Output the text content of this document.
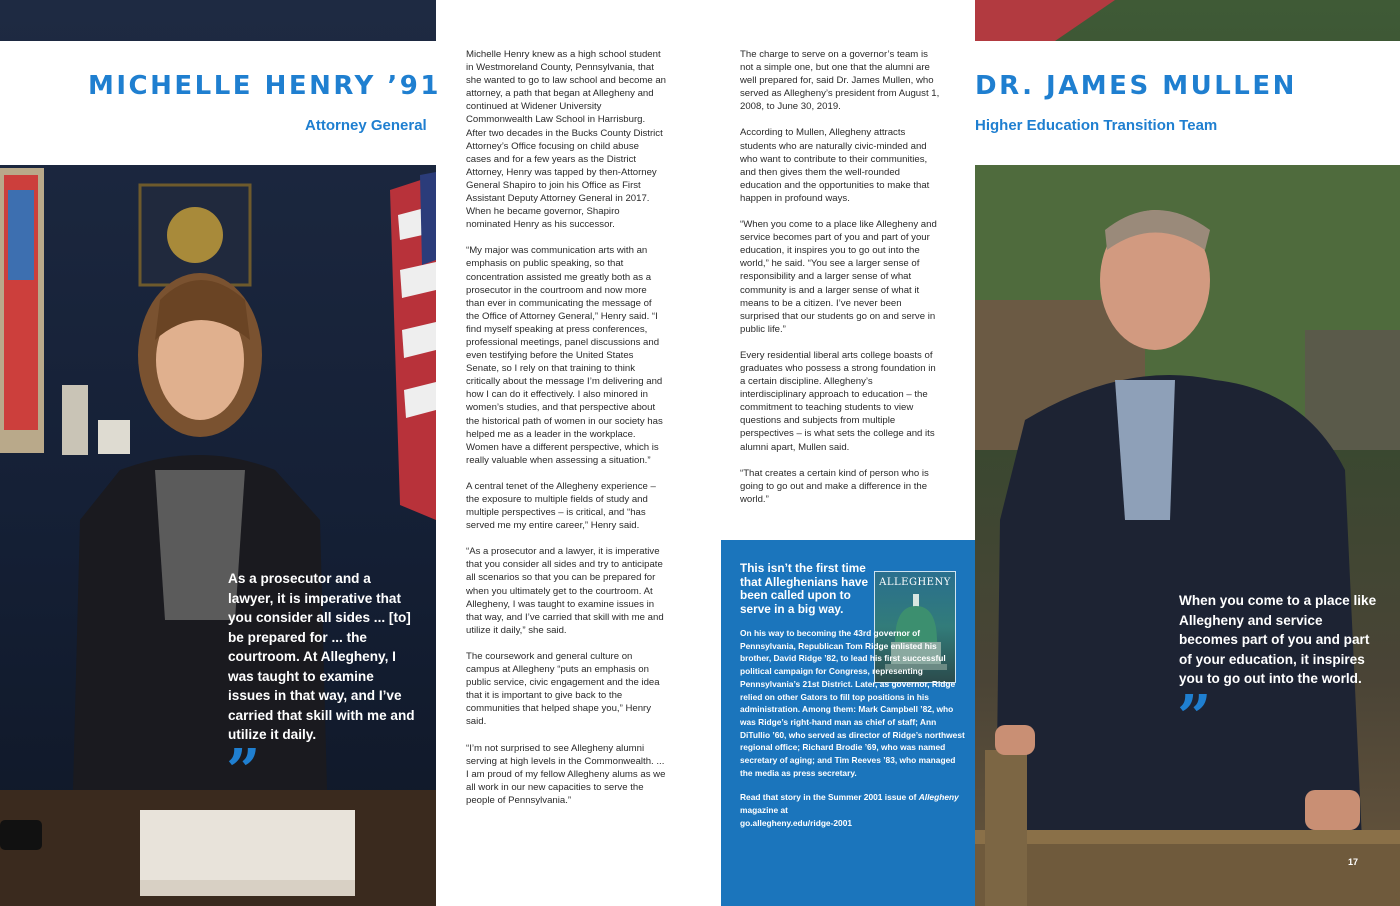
MICHELLE HENRY ’91
Attorney General
As a prosecutor and a lawyer, it is imperative that you consider all sides ... [to] be prepared for ... the courtroom. At Allegheny, I was taught to examine issues in that way, and I’ve carried that skill with me and utilize it daily.
”

Michelle Henry knew as a high school student in Westmoreland County, Pennsylvania, that she wanted to go to law school and become an attorney, a path that began at Allegheny and continued at Widener University Commonwealth Law School in Harrisburg. After two decades in the Bucks County District Attorney’s Office focusing on child abuse cases and for a few years as the District Attorney, Henry was tapped by then-Attorney General Shapiro to join his Office as First Assistant Deputy Attorney General in 2017. When he became governor, Shapiro nominated Henry as his successor.

“My major was communication arts with an emphasis on public speaking, so that concentration assisted me greatly both as a prosecutor in the courtroom and now more than ever in communicating the message of the Office of Attorney General,” Henry said. “I find myself speaking at press conferences, professional meetings, panel discussions and even testifying before the United States Senate, so I rely on that training to think critically about the message I’m delivering and how I can do it effectively. I also minored in women’s studies, and that perspective about the historical path of women in our society has helped me as a leader in the workplace. Women have a different perspective, which is really valuable when assessing a situation.”

A central tenet of the Allegheny experience – the exposure to multiple fields of study and multiple perspectives – is critical, and “has served me my entire career,” Henry said.

“As a prosecutor and a lawyer, it is imperative that you consider all sides and try to anticipate all scenarios so that you can be prepared for when you ultimately get to the courtroom. At Allegheny, I was taught to examine issues in that way, and I’ve carried that skill with me and utilize it daily,” she said.

The coursework and general culture on campus at Allegheny “puts an emphasis on public service, civic engagement and the idea that it is important to give back to the communities that helped shape you,” Henry said.

“I’m not surprised to see Allegheny alumni serving at high levels in the Commonwealth. ... I am proud of my fellow Allegheny alums as we all work in our new capacities to serve the people of Pennsylvania.”

The charge to serve on a governor’s team is not a simple one, but one that the alumni are well prepared for, said Dr. James Mullen, who served as Allegheny’s president from August 1, 2008, to June 30, 2019.

According to Mullen, Allegheny attracts students who are naturally civic-minded and who want to contribute to their communities, and then gives them the well-rounded education and the opportunities to make that happen in profound ways.

“When you come to a place like Allegheny and service becomes part of you and part of your education, it inspires you to go out into the world,” he said. “You see a larger sense of responsibility and a larger sense of what community is and a larger sense of what it means to be a citizen. I’ve never been surprised that our students go on and serve in public life.”

Every residential liberal arts college boasts of graduates who possess a strong foundation in a certain discipline. Allegheny’s interdisciplinary approach to education – the commitment to teaching students to view questions and subjects from multiple perspectives – is what sets the college and its alumni apart, Mullen said.

“That creates a certain kind of person who is going to go out and make a difference in the world.”

This isn’t the first time that Alleghenians have been called upon to serve in a big way.
ALLEGHENY

On his way to becoming the 43rd governor of Pennsylvania, Republican Tom Ridge enlisted his brother, David Ridge ’82, to lead his first successful political campaign for Congress, representing Pennsylvania’s 21st District. Later, as governor, Ridge relied on other Gators to fill top positions in his administration. Among them: Mark Campbell ’82, who was Ridge’s right-hand man as chief of staff; Ann DiTullio ’60, who served as director of Ridge’s northwest regional office; Richard Brodie ’69, who was named secretary of aging; and Tim Reeves ’83, who managed the media as press secretary.

Read that story in the Summer 2001 issue of Allegheny magazine at
go.allegheny.edu/ridge-2001

DR. JAMES MULLEN
Higher Education Transition Team
When you come to a place like Allegheny and service becomes part of you and part of your education, it inspires you to go out into the world.
”
17
